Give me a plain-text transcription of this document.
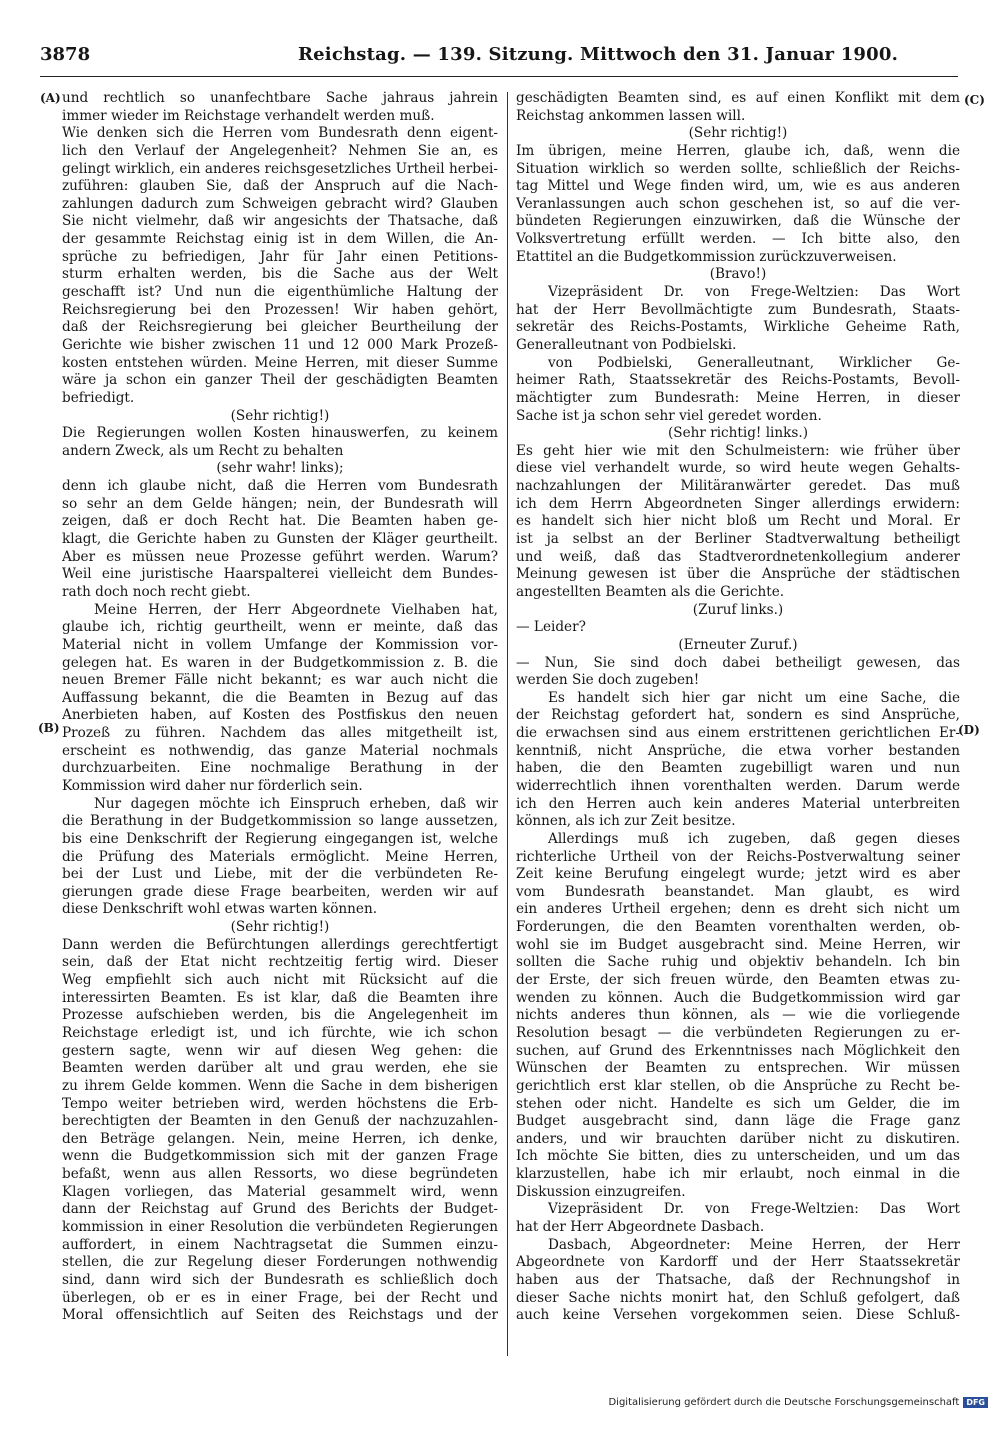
3878	Reichstag. — 139. Sitzung. Mittwoch den 31. Januar 1900.
(A)
(B)
(C)
(D)
und rechtlich so unanfechtbare Sache jahraus jahrein
immer wieder im Reichstage verhandelt werden muß.
Wie denken sich die Herren vom Bundesrath denn eigent-
lich den Verlauf der Angelegenheit? Nehmen Sie an, es
gelingt wirklich, ein anderes reichsgesetzliches Urtheil herbei-
zuführen: glauben Sie, daß der Anspruch auf die Nach-
zahlungen dadurch zum Schweigen gebracht wird? Glauben
Sie nicht vielmehr, daß wir angesichts der Thatsache, daß
der gesammte Reichstag einig ist in dem Willen, die An-
sprüche zu befriedigen, Jahr für Jahr einen Petitions-
sturm erhalten werden, bis die Sache aus der Welt
geschafft ist? Und nun die eigenthümliche Haltung der
Reichsregierung bei den Prozessen! Wir haben gehört,
daß der Reichsregierung bei gleicher Beurtheilung der
Gerichte wie bisher zwischen 11 und 12 000 Mark Prozeß-
kosten entstehen würden. Meine Herren, mit dieser Summe
wäre ja schon ein ganzer Theil der geschädigten Beamten
befriedigt.
(Sehr richtig!)
Die Regierungen wollen Kosten hinauswerfen, zu keinem
andern Zweck, als um Recht zu behalten
(sehr wahr! links);
denn ich glaube nicht, daß die Herren vom Bundesrath
so sehr an dem Gelde hängen; nein, der Bundesrath will
zeigen, daß er doch Recht hat. Die Beamten haben ge-
klagt, die Gerichte haben zu Gunsten der Kläger geurtheilt.
Aber es müssen neue Prozesse geführt werden. Warum?
Weil eine juristische Haarspalterei vielleicht dem Bundes-
rath doch noch recht giebt.
Meine Herren, der Herr Abgeordnete Vielhaben hat,
glaube ich, richtig geurtheilt, wenn er meinte, daß das
Material nicht in vollem Umfange der Kommission vor-
gelegen hat. Es waren in der Budgetkommission z. B. die
neuen Bremer Fälle nicht bekannt; es war auch nicht die
Auffassung bekannt, die die Beamten in Bezug auf das
Anerbieten haben, auf Kosten des Postfiskus den neuen
Prozeß zu führen. Nachdem das alles mitgetheilt ist,
erscheint es nothwendig, das ganze Material nochmals
durchzuarbeiten. Eine nochmalige Berathung in der
Kommission wird daher nur förderlich sein.
Nur dagegen möchte ich Einspruch erheben, daß wir
die Berathung in der Budgetkommission so lange aussetzen,
bis eine Denkschrift der Regierung eingegangen ist, welche
die Prüfung des Materials ermöglicht. Meine Herren,
bei der Lust und Liebe, mit der die verbündeten Re-
gierungen grade diese Frage bearbeiten, werden wir auf
diese Denkschrift wohl etwas warten können.
(Sehr richtig!)
Dann werden die Befürchtungen allerdings gerechtfertigt
sein, daß der Etat nicht rechtzeitig fertig wird. Dieser
Weg empfiehlt sich auch nicht mit Rücksicht auf die
interessirten Beamten. Es ist klar, daß die Beamten ihre
Prozesse aufschieben werden, bis die Angelegenheit im
Reichstage erledigt ist, und ich fürchte, wie ich schon
gestern sagte, wenn wir auf diesen Weg gehen: die
Beamten werden darüber alt und grau werden, ehe sie
zu ihrem Gelde kommen. Wenn die Sache in dem bisherigen
Tempo weiter betrieben wird, werden höchstens die Erb-
berechtigten der Beamten in den Genuß der nachzuzahlen-
den Beträge gelangen. Nein, meine Herren, ich denke,
wenn die Budgetkommission sich mit der ganzen Frage
befaßt, wenn aus allen Ressorts, wo diese begründeten
Klagen vorliegen, das Material gesammelt wird, wenn
dann der Reichstag auf Grund des Berichts der Budget-
kommission in einer Resolution die verbündeten Regierungen
auffordert, in einem Nachtragsetat die Summen einzu-
stellen, die zur Regelung dieser Forderungen nothwendig
sind, dann wird sich der Bundesrath es schließlich doch
überlegen, ob er es in einer Frage, bei der Recht und
Moral offensichtlich auf Seiten des Reichstags und der
geschädigten Beamten sind, es auf einen Konflikt mit dem
Reichstag ankommen lassen will.
(Sehr richtig!)
Im übrigen, meine Herren, glaube ich, daß, wenn die
Situation wirklich so werden sollte, schließlich der Reichs-
tag Mittel und Wege finden wird, um, wie es aus anderen
Veranlassungen auch schon geschehen ist, so auf die ver-
bündeten Regierungen einzuwirken, daß die Wünsche der
Volksvertretung erfüllt werden. — Ich bitte also, den
Etattitel an die Budgetkommission zurückzuverweisen.
(Bravo!)
Vizepräsident Dr. von Frege-Weltzien: Das Wort
hat der Herr Bevollmächtigte zum Bundesrath, Staats-
sekretär des Reichs-Postamts, Wirkliche Geheime Rath,
Generalleutnant von Podbielski.
von Podbielski, Generalleutnant, Wirklicher Ge-
heimer Rath, Staatssekretär des Reichs-Postamts, Bevoll-
mächtigter zum Bundesrath: Meine Herren, in dieser
Sache ist ja schon sehr viel geredet worden.
(Sehr richtig! links.)
Es geht hier wie mit den Schulmeistern: wie früher über
diese viel verhandelt wurde, so wird heute wegen Gehalts-
nachzahlungen der Militäranwärter geredet. Das muß
ich dem Herrn Abgeordneten Singer allerdings erwidern:
es handelt sich hier nicht bloß um Recht und Moral. Er
ist ja selbst an der Berliner Stadtverwaltung betheiligt
und weiß, daß das Stadtverordnetenkollegium anderer
Meinung gewesen ist über die Ansprüche der städtischen
angestellten Beamten als die Gerichte.
(Zuruf links.)
— Leider?
(Erneuter Zuruf.)
— Nun, Sie sind doch dabei betheiligt gewesen, das
werden Sie doch zugeben!
Es handelt sich hier gar nicht um eine Sache, die
der Reichstag gefordert hat, sondern es sind Ansprüche,
die erwachsen sind aus einem erstrittenen gerichtlichen Er-
kenntniß, nicht Ansprüche, die etwa vorher bestanden
haben, die den Beamten zugebilligt waren und nun
widerrechtlich ihnen vorenthalten werden. Darum werde
ich den Herren auch kein anderes Material unterbreiten
können, als ich zur Zeit besitze.
Allerdings muß ich zugeben, daß gegen dieses
richterliche Urtheil von der Reichs-Postverwaltung seiner
Zeit keine Berufung eingelegt wurde; jetzt wird es aber
vom Bundesrath beanstandet. Man glaubt, es wird
ein anderes Urtheil ergehen; denn es dreht sich nicht um
Forderungen, die den Beamten vorenthalten werden, ob-
wohl sie im Budget ausgebracht sind. Meine Herren, wir
sollten die Sache ruhig und objektiv behandeln. Ich bin
der Erste, der sich freuen würde, den Beamten etwas zu-
wenden zu können. Auch die Budgetkommission wird gar
nichts anderes thun können, als — wie die vorliegende
Resolution besagt — die verbündeten Regierungen zu er-
suchen, auf Grund des Erkenntnisses nach Möglichkeit den
Wünschen der Beamten zu entsprechen. Wir müssen
gerichtlich erst klar stellen, ob die Ansprüche zu Recht be-
stehen oder nicht. Handelte es sich um Gelder, die im
Budget ausgebracht sind, dann läge die Frage ganz
anders, und wir brauchten darüber nicht zu diskutiren.
Ich möchte Sie bitten, dies zu unterscheiden, und um das
klarzustellen, habe ich mir erlaubt, noch einmal in die
Diskussion einzugreifen.
Vizepräsident Dr. von Frege-Weltzien: Das Wort
hat der Herr Abgeordnete Dasbach.
Dasbach, Abgeordneter: Meine Herren, der Herr
Abgeordnete von Kardorff und der Herr Staatssekretär
haben aus der Thatsache, daß der Rechnungshof in
dieser Sache nichts monirt hat, den Schluß gefolgert, daß
auch keine Versehen vorgekommen seien. Diese Schluß-
Digitalisierung gefördert durch die Deutsche Forschungsgemeinschaft DFG
